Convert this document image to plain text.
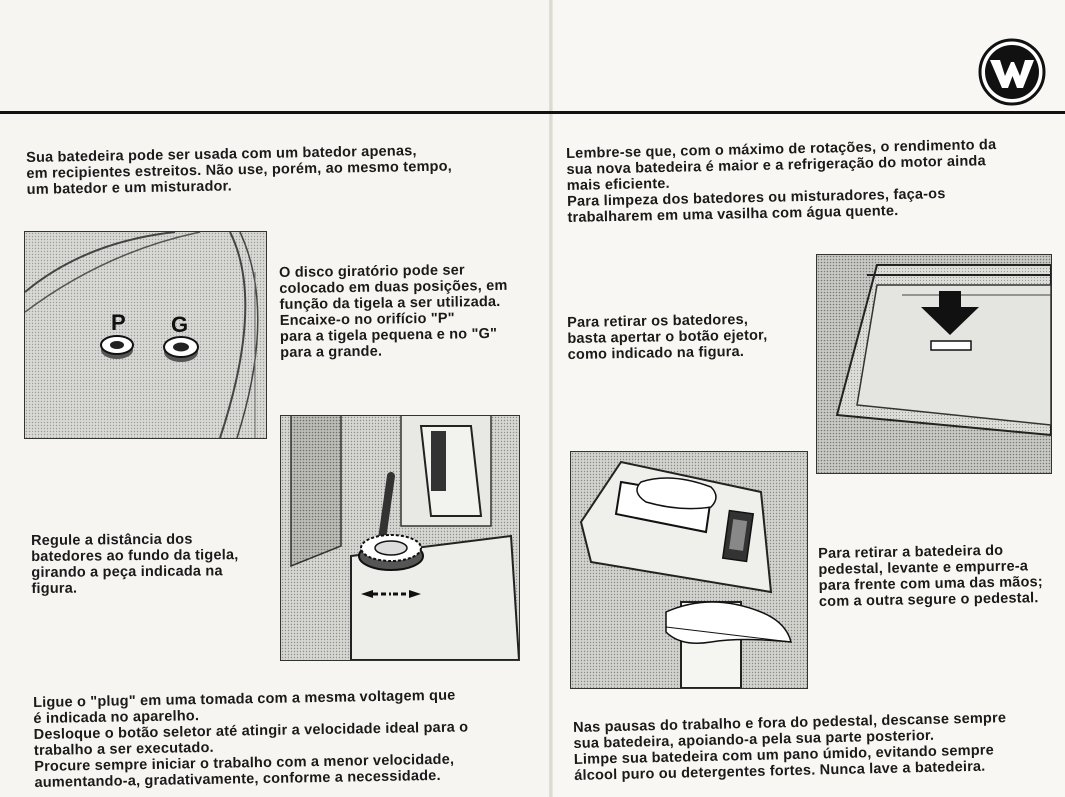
Sua batedeira pode ser usada com um batedor apenas,
em recipientes estreitos. Não use, porém, ao mesmo tempo,
um batedor e um misturador.

P G

O disco giratório pode ser
colocado em duas posições, em
função da tigela a ser utilizada.
Encaixe-o no orifício "P"
para a tigela pequena e no "G"
para a grande.

Regule a distância dos
batedores ao fundo da tigela,
girando a peça indicada na
figura.

Ligue o "plug" em uma tomada com a mesma voltagem que
é indicada no aparelho.
Desloque o botão seletor até atingir a velocidade ideal para o
trabalho a ser executado.
Procure sempre iniciar o trabalho com a menor velocidade,
aumentando-a, gradativamente, conforme a necessidade.

Lembre-se que, com o máximo de rotações, o rendimento da
sua nova batedeira é maior e a refrigeração do motor ainda
mais eficiente.
Para limpeza dos batedores ou misturadores, faça-os
trabalharem em uma vasilha com água quente.

Para retirar os batedores,
basta apertar o botão ejetor,
como indicado na figura.

Para retirar a batedeira do
pedestal, levante e empurre-a
para frente com uma das mãos;
com a outra segure o pedestal.

Nas pausas do trabalho e fora do pedestal, descanse sempre
sua batedeira, apoiando-a pela sua parte posterior.
Limpe sua batedeira com um pano úmido, evitando sempre
álcool puro ou detergentes fortes. Nunca lave a batedeira.
